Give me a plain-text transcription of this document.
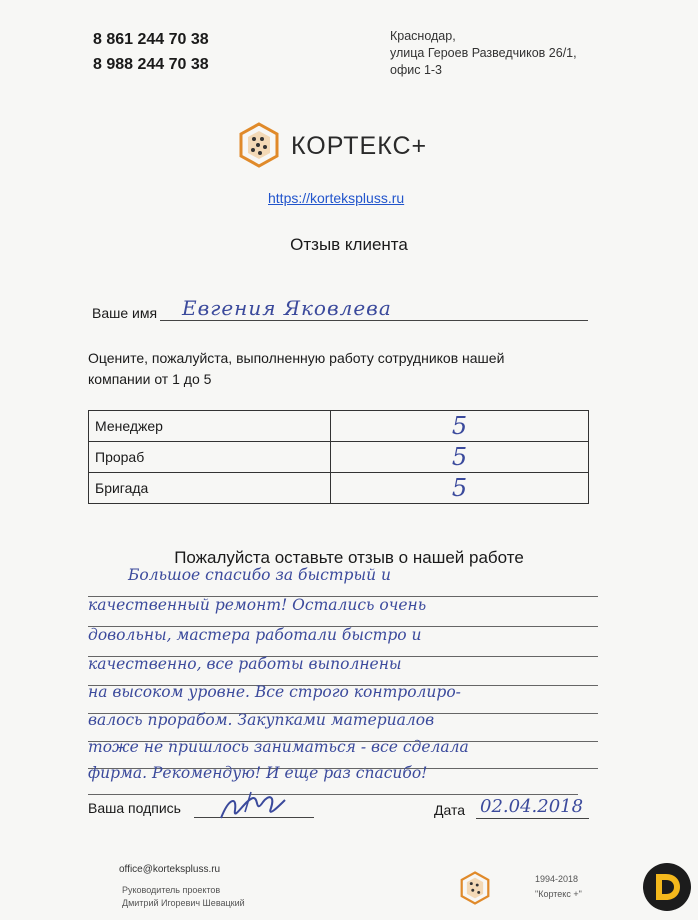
8 861 244 70 38
8 988 244 70 38
Краснодар,
улица Героев Разведчиков 26/1,
офис 1-3
КОРТЕКС+
https://kortekspluss.ru
Отзыв клиента
Ваше имя	Евгения Яковлева
Оцените, пожалуйста, выполненную работу сотрудников нашей
компании от 1 до 5
Менеджер	5
Прораб	5
Бригада	5
Пожалуйста оставьте отзыв о нашей работе
Большое спасибо за быстрый и
качественный ремонт! Остались очень
довольны, мастера работали быстро и
качественно, все работы выполнены
на высоком уровне. Все строго контролиро-
валось прорабом. Закупками материалов
тоже не пришлось заниматься - все сделала
фирма. Рекомендую! И еще раз спасибо!
Ваша подпись	Дата 02.04.2018
office@kortekspluss.ru
Руководитель проектов
Дмитрий Игоревич Шевацкий
1994-2018
"Кортекс +"
